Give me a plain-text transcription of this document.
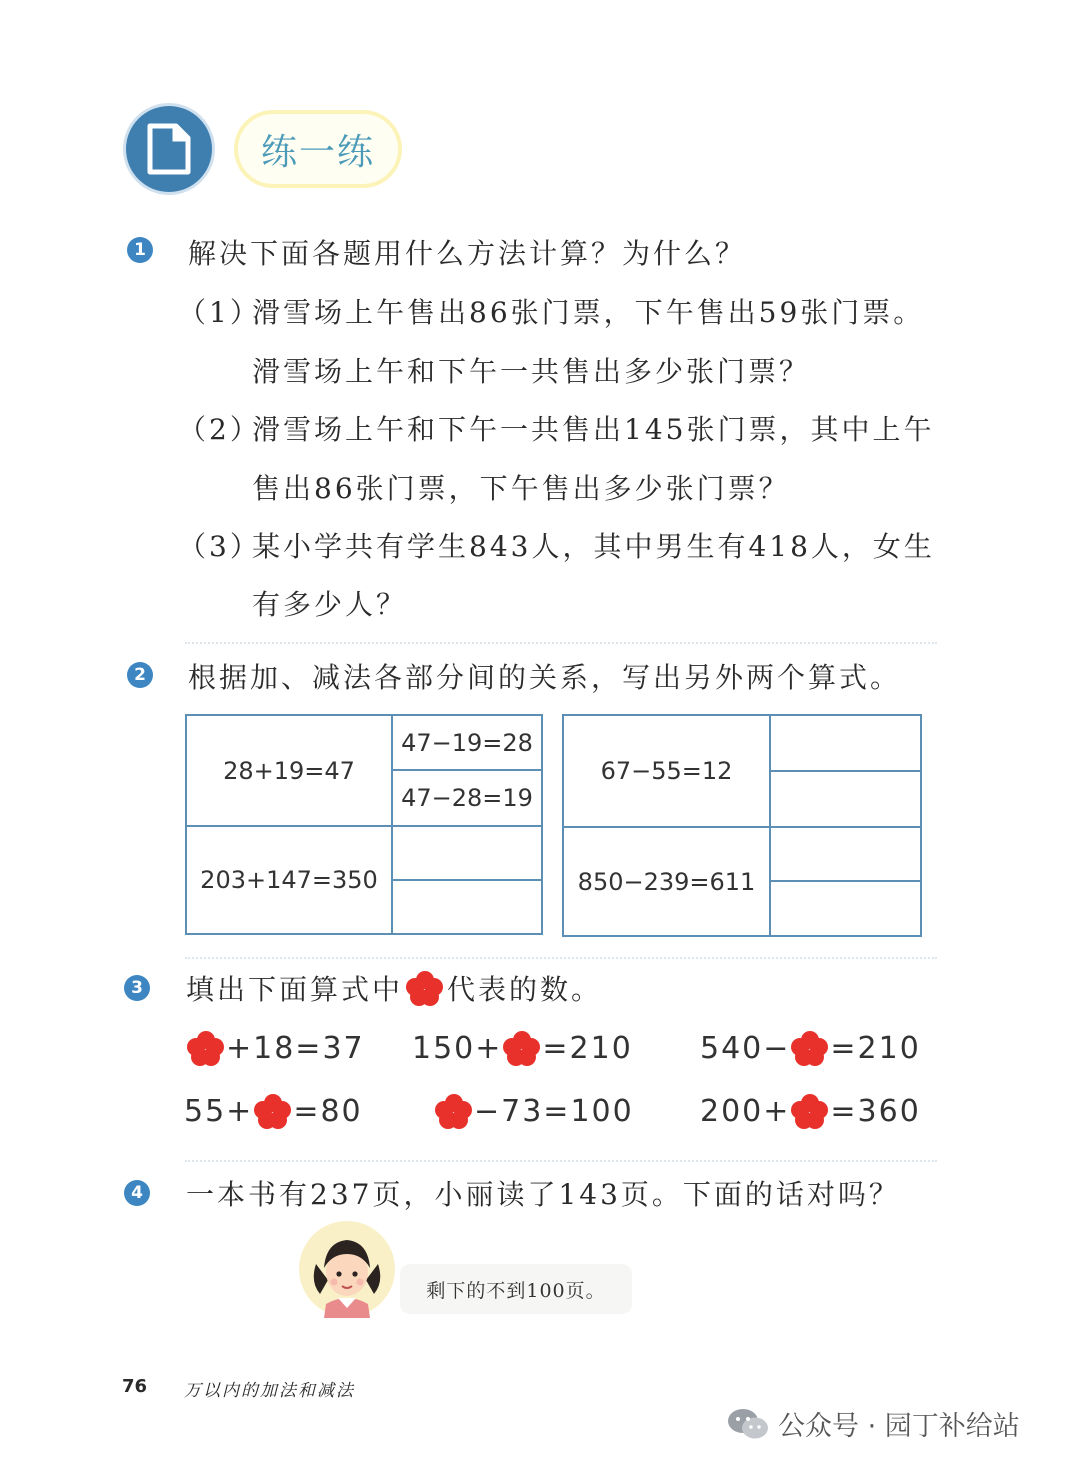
练一练
1 解决下面各题用什么方法计算？为什么？
（1）
滑雪场上午售出86张门票，下午售出59张门票。
滑雪场上午和下午一共售出多少张门票？
（2）
滑雪场上午和下午一共售出145张门票，其中上午
售出86张门票，下午售出多少张门票？
（3）
某小学共有学生843人，其中男生有418人，女生
有多少人？
2 根据加、减法各部分间的关系，写出另外两个算式。
28+19=47
47−19=28
47−28=19
203+147=350
67−55=12
850−239=611
3 填出下面算式中 代表的数。
+18=37 150+ =210 540− =210
55+ =80	−73=100 200+ =360
4 一本书有237页，小丽读了143页。下面的话对吗？
剩下的不到100页。
76 万以内的加法和减法
公众号 · 园丁补给站
